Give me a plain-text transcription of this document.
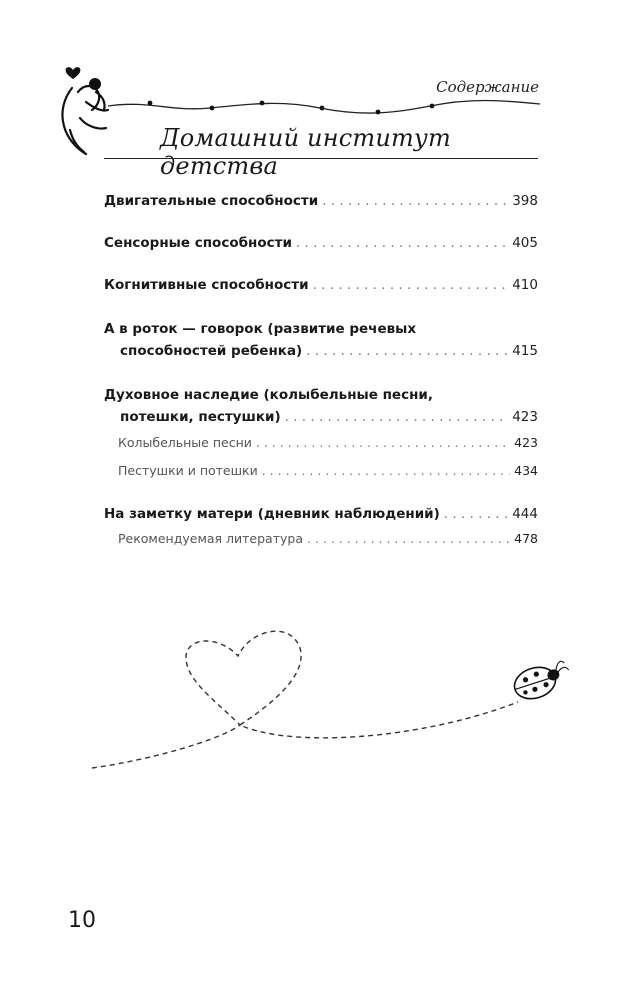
Содержание
Домашний институт детства
Двигательные способности . . .	398
Сенсорные способности . . .	405
Когнитивные способности . . .	410
А в роток — говорок (развитие речевых
способностей ребенка) . . .	415
Духовное наследие (колыбельные песни,
потешки, пестушки) . . .	423
Колыбельные песни . . .	423
Пестушки и потешки . . .	434
На заметку матери (дневник наблюдений) . . .	444
Рекомендуемая литература . . .	478
10
